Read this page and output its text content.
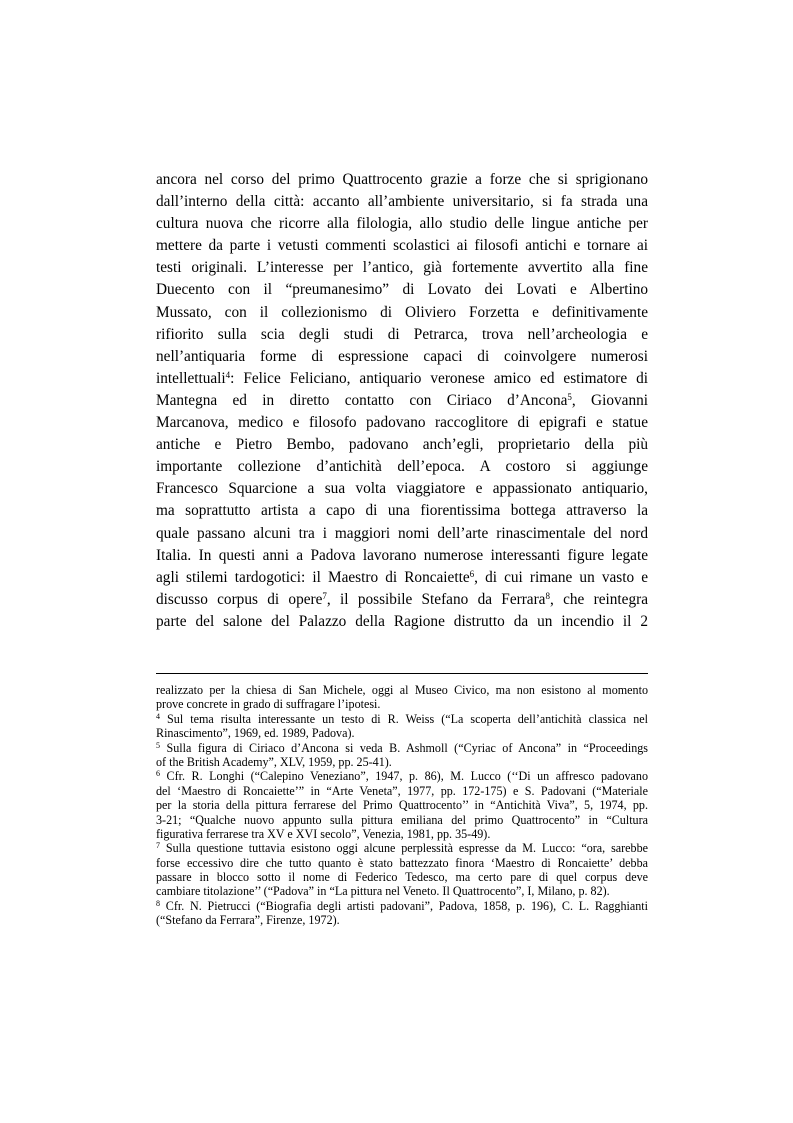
ancora nel corso del primo Quattrocento grazie a forze che si sprigionano
dall’interno della città: accanto all’ambiente universitario, si fa strada una
cultura nuova che ricorre alla filologia, allo studio delle lingue antiche per
mettere da parte i vetusti commenti scolastici ai filosofi antichi e tornare ai
testi originali. L’interesse per l’antico, già fortemente avvertito alla fine
Duecento con il “preumanesimo” di Lovato dei Lovati e Albertino
Mussato, con il collezionismo di Oliviero Forzetta e definitivamente
rifiorito sulla scia degli studi di Petrarca, trova nell’archeologia e
nell’antiquaria forme di espressione capaci di coinvolgere numerosi
intellettuali$^4$: Felice Feliciano, antiquario veronese amico ed estimatore di
Mantegna ed in diretto contatto con Ciriaco d’Ancona$^5$, Giovanni
Marcanova, medico e filosofo padovano raccoglitore di epigrafi e statue
antiche e Pietro Bembo, padovano anch’egli, proprietario della più
importante collezione d’antichità dell’epoca. A costoro si aggiunge
Francesco Squarcione a sua volta viaggiatore e appassionato antiquario,
ma soprattutto artista a capo di una fiorentissima bottega attraverso la
quale passano alcuni tra i maggiori nomi dell’arte rinascimentale del nord
Italia. In questi anni a Padova lavorano numerose interessanti figure legate
agli stilemi tardogotici: il Maestro di Roncaiette$^6$, di cui rimane un vasto e
discusso corpus di opere$^7$, il possibile Stefano da Ferrara$^8$, che reintegra
parte del salone del Palazzo della Ragione distrutto da un incendio il 2
realizzato per la chiesa di San Michele, oggi al Museo Civico, ma non esistono al momento
prove concrete in grado di suffragare l’ipotesi.
$^4$ Sul tema risulta interessante un testo di R. Weiss (“La scoperta dell’antichità classica nel
Rinascimento”, 1969, ed. 1989, Padova).
$^5$ Sulla figura di Ciriaco d’Ancona si veda B. Ashmoll (“Cyriac of Ancona” in “Proceedings
of the British Academy”, XLV, 1959, pp. 25-41).
$^6$ Cfr. R. Longhi (“Calepino Veneziano”, 1947, p. 86), M. Lucco (‘‘Di un affresco padovano
del ‘Maestro di Roncaiette’” in “Arte Veneta”, 1977, pp. 172-175) e S. Padovani (“Materiale
per la storia della pittura ferrarese del Primo Quattrocento’’ in “Antichità Viva”, 5, 1974, pp.
3-21; “Qualche nuovo appunto sulla pittura emiliana del primo Quattrocento” in “Cultura
figurativa ferrarese tra XV e XVI secolo”, Venezia, 1981, pp. 35-49).
$^7$ Sulla questione tuttavia esistono oggi alcune perplessità espresse da M. Lucco: “ora, sarebbe
forse eccessivo dire che tutto quanto è stato battezzato finora ‘Maestro di Roncaiette’ debba
passare in blocco sotto il nome di Federico Tedesco, ma certo pare di quel corpus deve
cambiare titolazione’’ (“Padova” in “La pittura nel Veneto. Il Quattrocento”, I, Milano, p. 82).
$^8$ Cfr. N. Pietrucci (“Biografia degli artisti padovani”, Padova, 1858, p. 196), C. L. Ragghianti
(“Stefano da Ferrara”, Firenze, 1972).
